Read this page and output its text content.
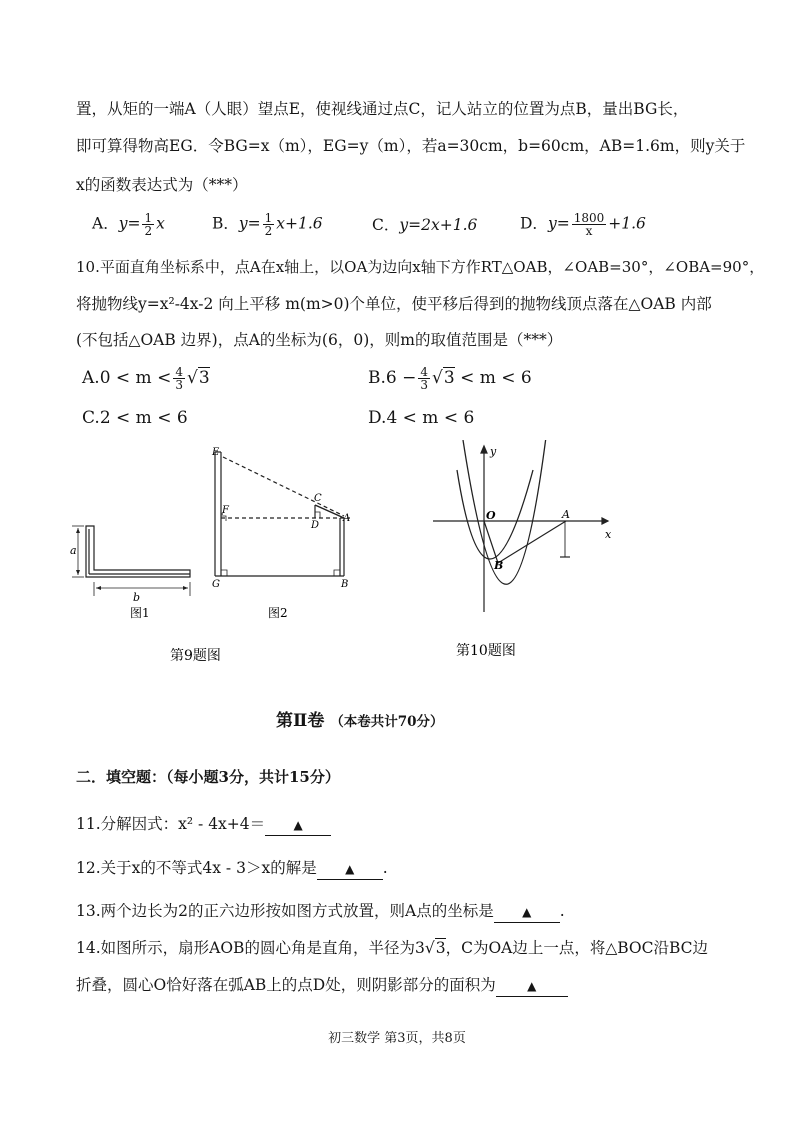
置，从矩的一端A（人眼）望点E，使视线通过点C，记人站立的位置为点B，量出BG长，
即可算得物高EG．令BG=x（m），EG=y（m），若a=30cm，b=60cm，AB=1.6m，则y关于
x的函数表达式为（***）
A．$y= \frac{1}{2}$ x	B．$y= \frac{1}{2} x+1.6$	C．y=2x+1.6	D．$y= \frac{1800}{x} +1.6$
10.平面直角坐标系中，点A在x轴上，以OA为边向x轴下方作RT△OAB，∠OAB=30°，∠OBA=90°，
将抛物线y=x²-4x-2 向上平移 m(m>0)个单位，使平移后得到的抛物线顶点落在△OAB 内部
(不包括△OAB 边界)，点A的坐标为(6，0)，则m的取值范围是（***）
$A.0 < m < \frac{4}{3} √3$	$B.6 - \frac{4}{3} √3 < m < 6$
C.2 < m < 6	D.4 < m < 6
a
b
图1
E
F
C
D
A
G	B
图2
第9题图
y
x
O	A
B
第10题图
第Ⅱ卷 （本卷共计70分）
二．填空题：（每小题3分，共计15分）
11.分解因式：x² - 4x+4＝ ▲
12.关于x的不等式4x - 3＞x的解是 ▲ .
13.两个边长为2的正六边形按如图方式放置，则A点的坐标是 ▲ .
14.如图所示，扇形AOB的圆心角是直角，半径为3√3，C为OA边上一点，将△BOC沿BC边
折叠，圆心O恰好落在弧AB上的点D处，则阴影部分的面积为	▲
初三数学 第3页，共8页
